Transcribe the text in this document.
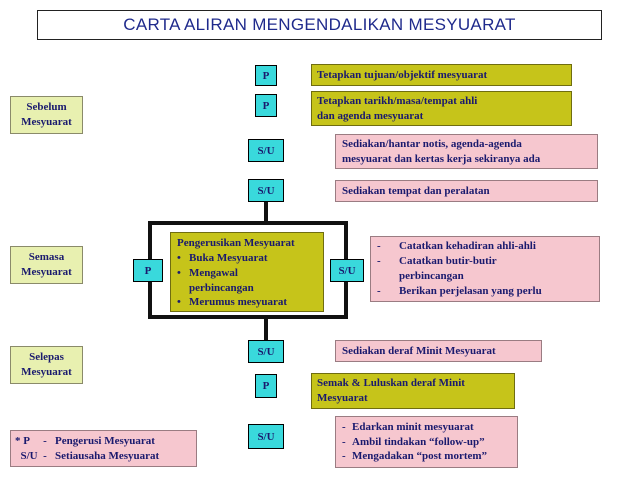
CARTA ALIRAN MENGENDALIKAN MESYUARAT
Sebelum
Mesyuarat
Semasa
Mesyuarat
Selepas
Mesyuarat
P
P
S/U
S/U
P	S/U
S/U
P
S/U
Tetapkan tujuan/objektif mesyuarat
Tetapkan tarikh/masa/tempat ahli
dan agenda mesyuarat
Semak & Luluskan deraf Minit
Mesyuarat
Sediakan/hantar notis, agenda-agenda
mesyuarat dan kertas kerja sekiranya ada
Sediakan tempat dan peralatan
Sediakan deraf Minit Mesyuarat
Pengerusikan Mesyuarat
• Buka Mesyuarat
• Mengawal
perbincangan
• Merumus mesyuarat
-	Catatkan kehadiran ahli-ahli
-	Catatkan butir-butir
perbincangan
-	Berikan perjelasan yang perlu
- Edarkan minit mesyuarat
- Ambil tindakan “follow-up”
- Mengadakan “post mortem”
* P     -   Pengerusi Mesyuarat
S/U  -   Setiausaha Mesyuarat
